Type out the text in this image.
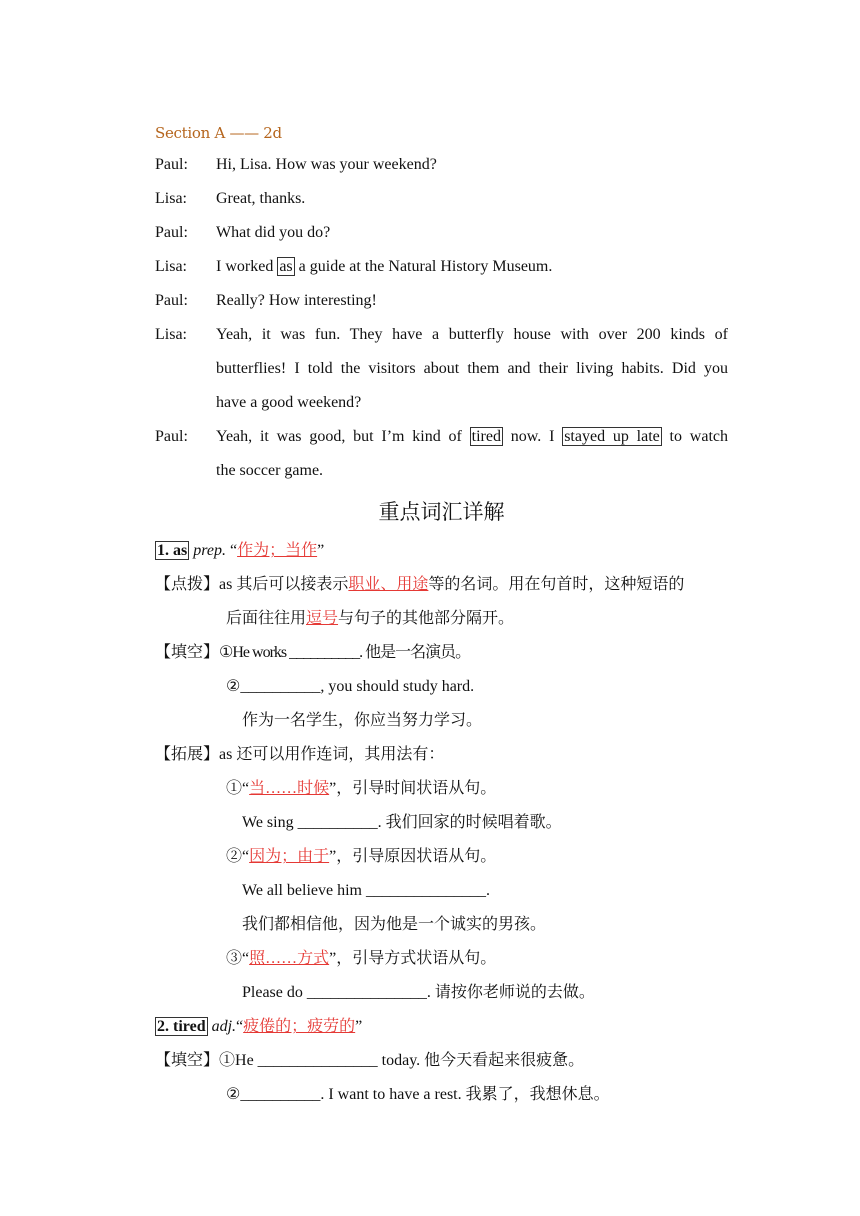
Section A —— 2d
Paul:	Hi, Lisa. How was your weekend?
Lisa:	Great, thanks.
Paul:	What did you do?
Lisa:	I worked as a guide at the Natural History Museum.
Paul:	Really? How interesting!
Lisa:	Yeah, it was fun. They have a butterfly house with over 200 kinds of
butterflies! I told the visitors about them and their living habits. Did you
have a good weekend?
Paul:	Yeah, it was good, but I’m kind of tired now. I stayed up late to watch
the soccer game.
重点词汇详解
1. as prep. “作为；当作”
【点拨】as 其后可以接表示职业、用途等的名词。用在句首时，这种短语的
后面往往用逗号与句子的其他部分隔开。
【填空】①He works __________. 他是一名演员。
②__________, you should study hard.
作为一名学生，你应当努力学习。
【拓展】as 还可以用作连词，其用法有：
①“当……时候”，引导时间状语从句。
We sing __________. 我们回家的时候唱着歌。
②“因为；由于”，引导原因状语从句。
We all believe him _______________.
我们都相信他，因为他是一个诚实的男孩。
③“照……方式”，引导方式状语从句。
Please do _______________. 请按你老师说的去做。
2. tired adj.“疲倦的；疲劳的”
【填空】①He _______________ today. 他今天看起来很疲惫。
②__________. I want to have a rest. 我累了，我想休息。
